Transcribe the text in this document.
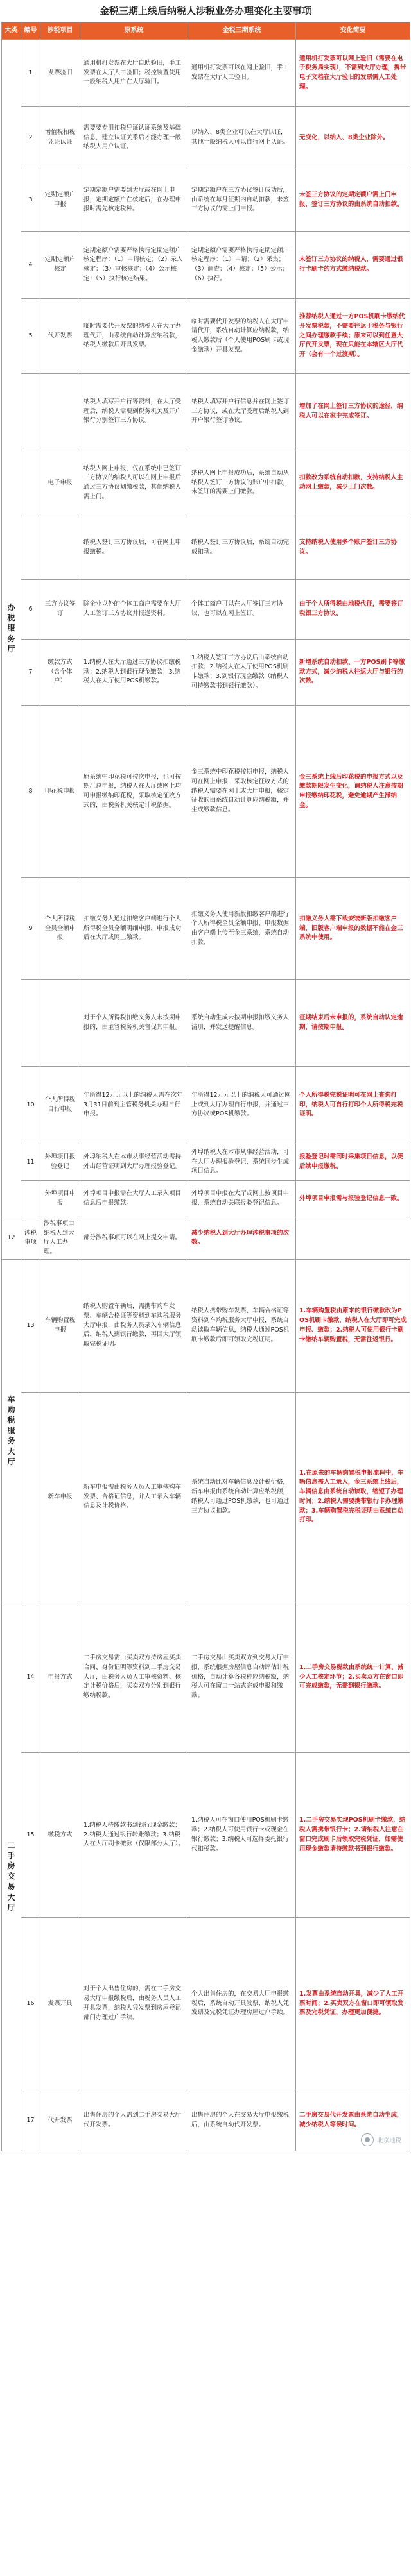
金税三期上线后纳税人涉税业务办理变化主要事项
大类	编号	涉税项目	原系统	金税三期系统	变化简要

办税服务厅	1	发票验旧	通用机打发票在大厅自助验旧，手工发票在大厅人工验旧；税控装置使用一般纳税人用户在大厅验旧。	通用机打发票可以在网上验旧，手工发票在大厅人工验旧。	通用机打发票可以网上验旧（需要在电子税务局实现），不需到大厅办理，携带电子文档在大厅验旧的发票需人工处理。
	2	增值税扣税凭证认证	需要要专用扣税凭证认证系统及基础信息，建立认证关系后才能办理一般纳税人用户认证。	以纳入、8类企业可以在大厅认证，其他一般纳税人可以自行网上认证。	无变化，以纳入、8类企业除外。
	3	定期定额户申报	定期定额户需要到大厅或在网上申报，定期定额户在核定后，在办理申报时需先核定税种。	定期定额户在三方协议签订成功后，由系统在每月征期内自动扣款，未签三方协议的需上门申报。	未签三方协议的定期定额户需上门申报，签订三方协议的由系统自动扣款。
	4	定期定额户核定	定期定额户需要严格执行定期定额户核定程序：（1）申请核定；（2）录入核定；（3）审核核定；（4）公示核定；（5）执行核定结果。	定期定额户需要严格执行定期定额户核定程序：（1）申请；（2）采集；（3）调查；（4）核定；（5）公示；（6）执行。	未签订三方协议的纳税人，需要通过银行卡刷卡的方式缴纳税款。
	5	代开发票	临时需要代开发票的纳税人在大厅办理代开，由系统自动计算应纳税款，纳税人缴款后开具发票。	临时需要代开发票的纳税人在大厅申请代开，系统自动计算应纳税款，纳税人缴款后（个人使用POS刷卡或现金缴款）开具发票。	推荐纳税人通过一方POS机刷卡缴纳代开发票税款，不需要往返于税务与银行之间办理缴款手续；原来可以到任意大厅代开发票，现在只能在本辖区大厅代开（会有一个过渡期）。
			纳税人填写开户行等资料，在大厅受理后，纳税人需要到税务机关及开户银行分别签订三方协议。	纳税人填写开户行信息并在网上签订三方协议，或在大厅受理后纳税人到开户银行签订协议。	增加了在网上签订三方协议的途径，纳税人可以在家中完成签订。
		电子申报	纳税人网上申报，仅在系统中已签订三方协议的纳税人可以在网上申报后通过三方协议划缴税款，其他纳税人需上门。	纳税人网上申报成功后，系统自动从纳税人签订三方协议的账户中扣款，未签订的需要上门缴款。	扣款改为系统自动扣款，支持纳税人主动网上缴款，减少上门次数。
			纳税人签订三方协议后，可在网上申报缴税。	纳税人签订三方协议后，系统自动完成扣款。	支持纳税人使用多个账户签订三方协议。
	6	三方协议签订	除企业以外的个体工商户需要在大厅人工签订三方协议并报送资料。	个体工商户可以在大厅签订三方协议，也可以在网上签订。	由于个人所得税由地税代征，需要签订税银三方协议。
	7	缴款方式（含个体户）	1.纳税人在大厅通过三方协议扣缴税款；2.纳税人到银行现金缴款；3.纳税人在大厅使用POS机缴款。	1.纳税人签订三方协议后由系统自动扣款；2.纳税人在大厅使用POS机刷卡缴款；3.到银行现金缴款（纳税人可持缴款书到银行缴款）。	新增系统自动扣款、一方POS刷卡等缴款方式，减少纳税人往返大厅与银行的次数。
	8	印花税申报	原系统中印花税可按次申报，也可按期汇总申报，纳税人在大厅或网上均可申报缴纳印花税，采取核定征收方式的，由税务机关核定计税依据。	金三系统中印花税按期申报，纳税人可在网上申报，采取核定征收方式的纳税人需要在网上或大厅申报，核定征收的由系统自动计算应纳税额，并生成缴款信息。	金三系统上线后印花税的申报方式以及缴款期限发生变化，请纳税人注意按期申报缴纳印花税，避免逾期产生滞纳金。
	9	个人所得税全员全额申报	扣缴义务人通过扣缴客户端进行个人所得税全员全额明细申报，申报成功后在大厅或网上缴款。	扣缴义务人使用新版扣缴客户端进行个人所得税全员全额申报，申报数据由客户端上传至金三系统，系统自动扣款。	扣缴义务人需下载安装新版扣缴客户端，旧版客户端申报的数据不能在金三系统中使用。
			对于个人所得税扣缴义务人未按期申报的，由主管税务机关督促其申报。	系统自动生成未按期申报扣缴义务人清册，并发送提醒信息。	征期结束后未申报的，系统自动认定逾期，请按期申报。
	10	个人所得税自行申报	年所得12万元以上的纳税人需在次年3月31日前到主管税务机关办理自行申报。	年所得12万元以上的纳税人可通过网上或到大厅办理自行申报，并通过三方协议或POS机缴款。	个人所得税完税证明可在网上查询打印，纳税人可自行打印个人所得税完税证明。
	11	外埠项目报验登记	外埠纳税人在本市从事经营活动需持外出经营证明到大厅办理报验登记。	外埠纳税人在本市从事经营活动，可在大厅办理报验登记，系统同步生成项目信息。	报验登记时需同时采集项目信息，以便后续申报缴税。
		外埠项目申报	外埠项目申报需在大厅人工录入项目信息后申报缴款。	外埠项目申报在大厅或网上按项目申报，系统自动关联报验登记信息。	外埠项目申报需与报验登记信息一致。
12	涉税事项	涉税事项由纳税人到大厅人工办理。	部分涉税事项可以在网上提交申请。	减少纳税人到大厅办理涉税事项的次数。	

车购税服务大厅	13	车辆购置税申报	纳税人购置车辆后，需携带购车发票、车辆合格证等资料到车购税服务大厅申报，由税务人员录入车辆信息后，纳税人到银行缴款，再回大厅领取完税证明。	纳税人携带购车发票、车辆合格证等资料到车购税服务大厅申报，系统自动读取车辆信息，纳税人通过POS机刷卡缴款后即可领取完税证明。	1.车辆购置税由原来的银行缴款改为POS机刷卡缴款，纳税人在大厅即可完成申报、缴款；2.纳税人可使用银行卡刷卡缴纳车辆购置税，无需往返银行。
		新车申报	新车申报需由税务人员人工审核购车发票、合格证信息，并人工录入车辆信息及计税价格。	系统自动比对车辆信息及计税价格，新车申报由系统自动计算应纳税额，纳税人可通过POS机缴款，也可通过三方协议扣款。	1.在原来的车辆购置税申报流程中，车辆信息需人工录入，金三系统上线后，车辆信息由系统自动读取，缩短了办理时间；2.纳税人需要携带银行卡办理缴款；3.车辆购置税完税证明由系统自动打印。

二手房交易大厅	14	申报方式	二手房交易需由买卖双方持房屋买卖合同、身份证明等资料到二手房交易大厅，由税务人员人工审核资料、核定计税价格后，买卖双方分别到银行缴纳税款。	二手房交易由买卖双方到交易大厅申报，系统根据房屋信息自动评估计税价格，自动计算各税种应纳税额，纳税人可在窗口一站式完成申报和缴款。	1.二手房交易税款由系统统一计算，减少人工核定环节；2.买卖双方在窗口即可完成缴款，无需到银行缴款。
	15	缴税方式	1.纳税人持缴款书到银行现金缴款；2.纳税人通过银行转账缴款；3.纳税人在大厅刷卡缴款（仅限部分大厅）。	1.纳税人可在窗口使用POS机刷卡缴款；2.纳税人可使用银行卡或现金在银行缴款；3.纳税人可选择委托银行代扣税款。	1.二手房交易实现POS机刷卡缴款，纳税人需携带银行卡；2.请纳税人注意在窗口完成刷卡后领取完税凭证，如需使用现金缴款请持缴款书到银行缴款。
	16	发票开具	对于个人出售住房的，需在二手房交易大厅申报缴税后，由税务人员人工开具发票，纳税人凭发票到房屋登记部门办理过户手续。	个人出售住房的，在交易大厅申报缴税后，系统自动开具发票，纳税人凭发票及完税凭证办理房屋过户手续。	1.发票由系统自动开具，减少了人工开票时间；2.买卖双方在窗口即可领取发票及完税凭证，办理更加便捷。
	17	代开发票	出售住房的个人需到二手房交易大厅代开发票。	出售住房的个人在交易大厅申报缴税后，由系统自动代开发票。	二手房交易代开发票由系统自动生成，减少纳税人等候时间。
北京地税
